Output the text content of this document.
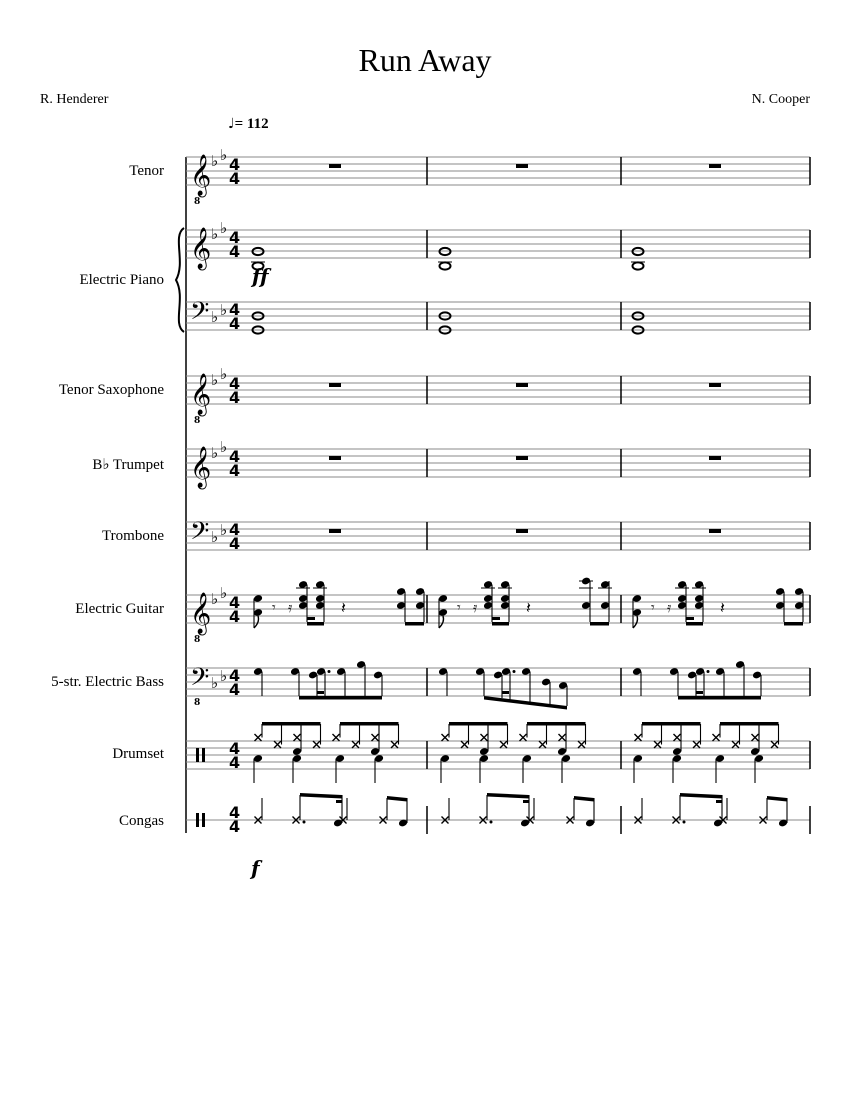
Run Away
R. Henderer	N. Cooper
♩= 112
Tenor
Electric Piano
Tenor Saxophone
B♭ Trumpet
Trombone
Electric Guitar
5-str. Electric Bass
Drumset
Congas
f
𝄞 ♭ ♭
8
4
4
𝄞 ♭ ♭ 4
4
ff
𝄢 ♭ ♭ 4
4
𝄞 ♭ ♭
8
4
4
𝄞 ♭ ♭ 4
4
𝄢 ♭ ♭ 4
4
𝄞 ♭ ♭
8
4
4 𝄾 𝄿	𝄽	𝄾 𝄿	𝄽	𝄾 𝄿	𝄽
𝄢 ♭ ♭
8
4
4
4
4
4
4
